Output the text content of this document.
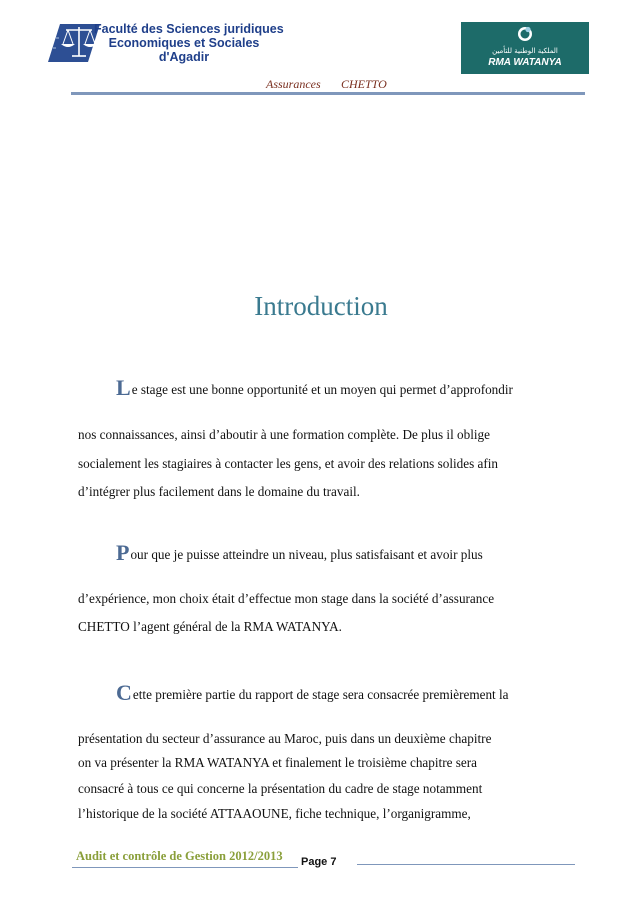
Faculté des Sciences juridiques
Economiques et Sociales
d'Agadir	الملكية الوطنية للتأمين
RMA WATANYA
Assurances CHETTO
Introduction
Le stage est une bonne opportunité et un moyen qui permet d’approfondir
nos connaissances, ainsi d’aboutir à une formation complète. De plus il oblige
socialement les stagiaires à contacter les gens, et avoir des relations solides afin
d’intégrer plus facilement dans le domaine du travail.
Pour que je puisse atteindre un niveau, plus satisfaisant et avoir plus
d’expérience, mon choix était d’effectue mon stage dans la société d’assurance
CHETTO l’agent général de la RMA WATANYA.
Cette première partie du rapport de stage sera consacrée premièrement la
présentation du secteur d’assurance au Maroc, puis dans un deuxième chapitre
on va présenter la RMA WATANYA et finalement le troisième chapitre sera
consacré à tous ce qui concerne la présentation du cadre de stage notamment
l’historique de la société ATTAAOUNE, fiche technique, l’organigramme,
Audit et contrôle de Gestion 2012/2013 Page 7
